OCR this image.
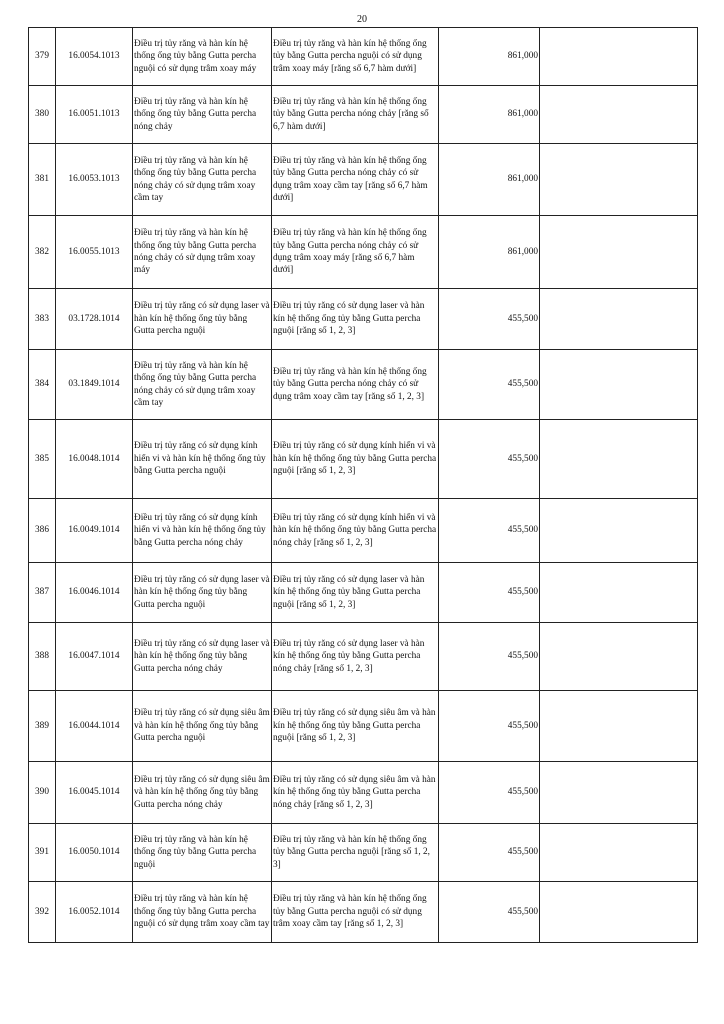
20
379	16.0054.1013	Điều trị tủy răng và hàn kín hệ thống ống tủy bằng Gutta percha nguội có sử dụng trâm xoay máy	Điều trị tủy răng và hàn kín hệ thống ống tủy bằng Gutta percha nguội có sử dụng trâm xoay máy [răng số 6,7 hàm dưới]	861,000	
380	16.0051.1013	Điều trị tủy răng và hàn kín hệ thống ống tủy bằng Gutta percha nóng chảy	Điều trị tủy răng và hàn kín hệ thống ống tủy bằng Gutta percha nóng chảy [răng số 6,7 hàm dưới]	861,000	
381	16.0053.1013	Điều trị tủy răng và hàn kín hệ thống ống tủy bằng Gutta percha nóng chảy có sử dụng trâm xoay cầm tay	Điều trị tủy răng và hàn kín hệ thống ống tủy bằng Gutta percha nóng chảy có sử dụng trâm xoay cầm tay [răng số 6,7 hàm dưới]	861,000	
382	16.0055.1013	Điều trị tủy răng và hàn kín hệ thống ống tủy bằng Gutta percha nóng chảy có sử dụng trâm xoay máy	Điều trị tủy răng và hàn kín hệ thống ống tủy bằng Gutta percha nóng chảy có sử dụng trâm xoay máy [răng số 6,7 hàm dưới]	861,000	
383	03.1728.1014	Điều trị tủy răng có sử dụng laser và hàn kín hệ thống ống tủy bằng Gutta percha nguội	Điều trị tủy răng có sử dụng laser và hàn kín hệ thống ống tủy bằng Gutta percha nguội [răng số 1, 2, 3]	455,500	
384	03.1849.1014	Điều trị tủy răng và hàn kín hệ thống ống tủy bằng Gutta percha nóng chảy có sử dụng trâm xoay cầm tay	Điều trị tủy răng và hàn kín hệ thống ống tủy bằng Gutta percha nóng chảy có sử dụng trâm xoay cầm tay [răng số 1, 2, 3]	455,500	
385	16.0048.1014	Điều trị tủy răng có sử dụng kính hiển vi và hàn kín hệ thống ống tủy bằng Gutta percha nguội	Điều trị tủy răng có sử dụng kính hiển vi và hàn kín hệ thống ống tủy bằng Gutta percha nguội [răng số 1, 2, 3]	455,500	
386	16.0049.1014	Điều trị tủy răng có sử dụng kính hiển vi và hàn kín hệ thống ống tủy bằng Gutta percha nóng chảy	Điều trị tủy răng có sử dụng kính hiển vi và hàn kín hệ thống ống tủy bằng Gutta percha nóng chảy [răng số 1, 2, 3]	455,500	
387	16.0046.1014	Điều trị tủy răng có sử dụng laser và hàn kín hệ thống ống tủy bằng Gutta percha nguội	Điều trị tủy răng có sử dụng laser và hàn kín hệ thống ống tủy bằng Gutta percha nguội [răng số 1, 2, 3]	455,500	
388	16.0047.1014	Điều trị tủy răng có sử dụng laser và hàn kín hệ thống ống tủy bằng Gutta percha nóng chảy	Điều trị tủy răng có sử dụng laser và hàn kín hệ thống ống tủy bằng Gutta percha nóng chảy [răng số 1, 2, 3]	455,500	
389	16.0044.1014	Điều trị tủy răng có sử dụng siêu âm và hàn kín hệ thống ống tủy bằng Gutta percha nguội	Điều trị tủy răng có sử dụng siêu âm và hàn kín hệ thống ống tủy bằng Gutta percha nguội [răng số 1, 2, 3]	455,500	
390	16.0045.1014	Điều trị tủy răng có sử dụng siêu âm và hàn kín hệ thống ống tủy bằng Gutta percha nóng chảy	Điều trị tủy răng có sử dụng siêu âm và hàn kín hệ thống ống tủy bằng Gutta percha nóng chảy [răng số 1, 2, 3]	455,500	
391	16.0050.1014	Điều trị tủy răng và hàn kín hệ thống ống tủy bằng Gutta percha nguội	Điều trị tủy răng và hàn kín hệ thống ống tủy bằng Gutta percha nguội [răng số 1, 2, 3]	455,500	
392	16.0052.1014	Điều trị tủy răng và hàn kín hệ thống ống tủy bằng Gutta percha nguội có sử dụng trâm xoay cầm tay	Điều trị tủy răng và hàn kín hệ thống ống tủy bằng Gutta percha nguội có sử dụng trâm xoay cầm tay [răng số 1, 2, 3]	455,500	
